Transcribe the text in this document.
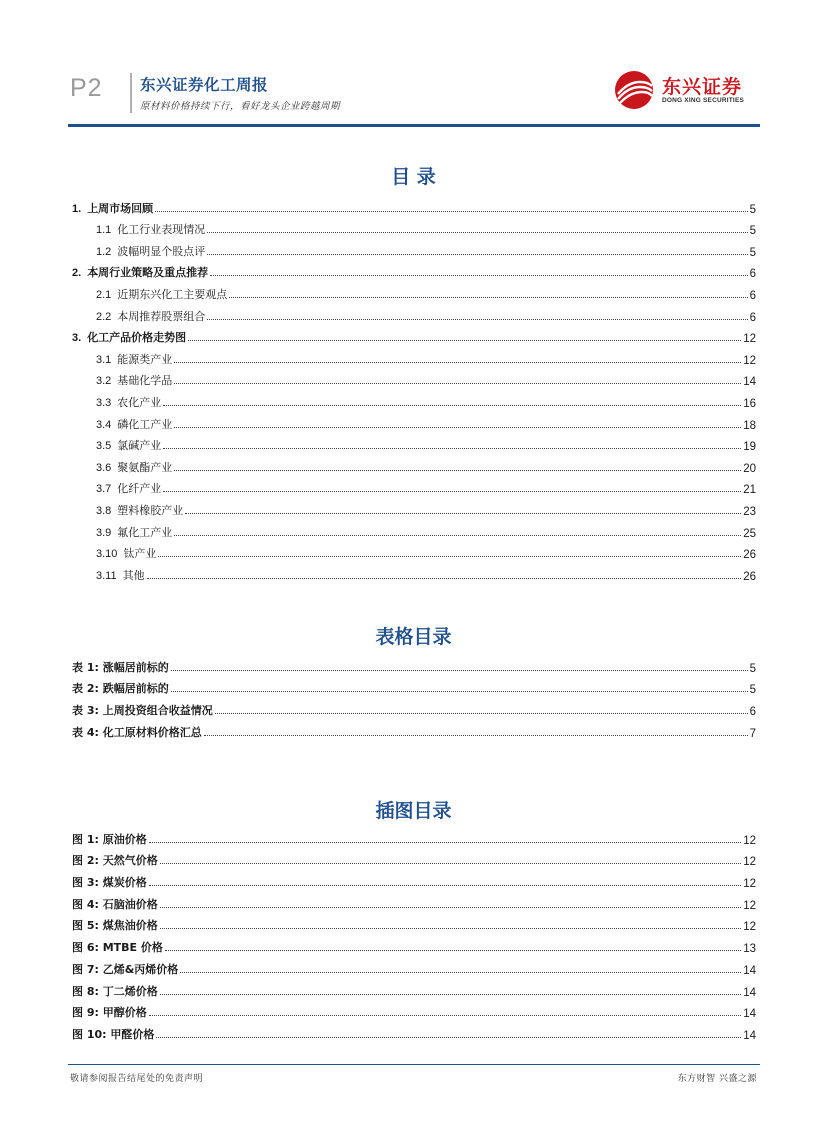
P2 东兴证券化工周报
原材料价格持续下行，看好龙头企业跨越周期
东兴证券
DONG XING SECURITIES
目 录
1. 上周市场回顾	5
1.1 化工行业表现情况	5
1.2 波幅明显个股点评	5
2. 本周行业策略及重点推荐	6
2.1 近期东兴化工主要观点	6
2.2 本周推荐股票组合	6
3. 化工产品价格走势图	12
3.1 能源类产业	12
3.2 基础化学品	14
3.3 农化产业	16
3.4 磷化工产业	18
3.5 氯碱产业	19
3.6 聚氨酯产业	20
3.7 化纤产业	21
3.8 塑料橡胶产业	23
3.9 氟化工产业	25
3.10 钛产业	26
3.11 其他	26
表格目录
表 1: 涨幅居前标的	5
表 2: 跌幅居前标的	5
表 3: 上周投资组合收益情况	6
表 4: 化工原材料价格汇总	7
插图目录
图 1: 原油价格	12
图 2: 天然气价格	12
图 3: 煤炭价格	12
图 4: 石脑油价格	12
图 5: 煤焦油价格	12
图 6: MTBE 价格	13
图 7: 乙烯&丙烯价格	14
图 8: 丁二烯价格	14
图 9: 甲醇价格	14
图 10: 甲醛价格	14
敬请参阅报告结尾处的免责声明	东方财智 兴盛之源
